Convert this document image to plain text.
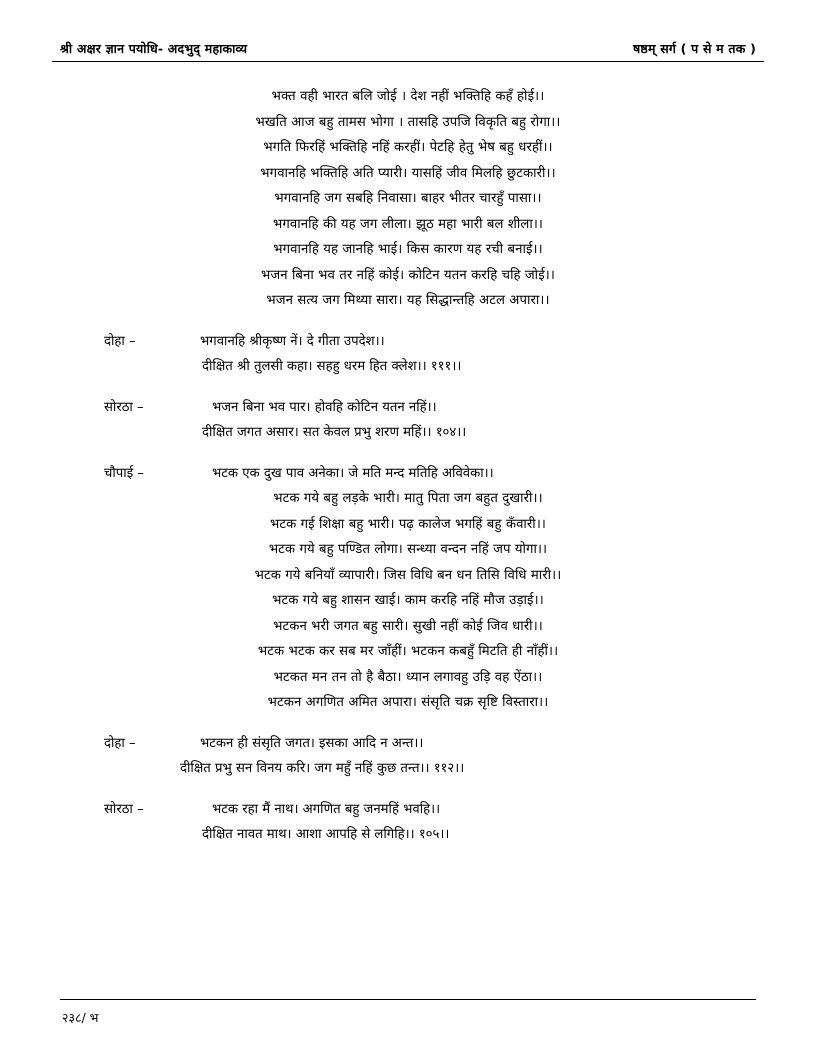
श्री अक्षर ज्ञान पयोधि- अदभुद् महाकाव्य	षष्ठम् सर्ग ( प से म तक )
भक्त वही भारत बलि जोई । देश नहीं भक्तिहि कहँ होई।।
भखति आज बहु तामस भोगा । तासहि उपजि विकृति बहु रोगा।।
भगति फिरहिं भक्तिहि नहिं करहीं। पेटहि हेतु भेष बहु धरहीं।।
भगवानहि भक्तिहि अति प्यारी। यासहिं जीव मिलहि छुटकारी।।
भगवानहि जग सबहि निवासा। बाहर भीतर चारहुँ पासा।।
भगवानहि की यह जग लीला। झूठ महा भारी बल शीला।।
भगवानहि यह जानहि भाई। किस कारण यह रची बनाई।।
भजन बिना भव तर नहिं कोई। कोटिन यतन करहि चहि जोई।।
भजन सत्य जग मिथ्या सारा। यह सिद्धान्तहि अटल अपारा।।
दोहा –	भगवानहि श्रीकृष्ण नें। दे गीता उपदेश।।
दीक्षित श्री तुलसी कहा। सहहु धरम हित क्लेश।। १११।।
सोरठा –	भजन बिना भव पार। होवहि कोटिन यतन नहिं।।
दीक्षित जगत असार। सत केवल प्रभु शरण महिं।। १०४।।
चौपाई –	भटक एक दुख पाव अनेका। जे मति मन्द मतिहि अविवेका।।
भटक गये बहु लड़के भारी। मातु पिता जग बहुत दुखारी।।
भटक गई शिक्षा बहु भारी। पढ़ कालेज भगहिं बहु कँवारी।।
भटक गये बहु पण्डित लोगा। सन्ध्या वन्दन नहिं जप योगा।।
भटक गये बनियाँ व्यापारी। जिस विधि बन धन तिसि विधि मारी।।
भटक गये बहु शासन खाई। काम करहि नहिं मौज उड़ाई।।
भटकन भरी जगत बहु सारी। सुखी नहीं कोई जिव धारी।।
भटक भटक कर सब मर जाँहीं। भटकन कबहुँ मिटति ही नाँहीं।।
भटकत मन तन तो है बैठा। ध्यान लगावहु उड़ि वह ऐंठा।।
भटकन अगणित अमित अपारा। संसृति चक्र सृष्टि विस्तारा।।
दोहा –	भटकन ही संसृति जगत। इसका आदि न अन्त।।
दीक्षित प्रभु सन विनय करि। जग महुँ नहिं कुछ तन्त।। ११२।।
सोरठा –	भटक रहा मैं नाथ। अगणित बहु जनमहिं भवहि।।
दीक्षित नावत माथ। आशा आपहि से लगिहि।। १०५।।
२३८/ भ
